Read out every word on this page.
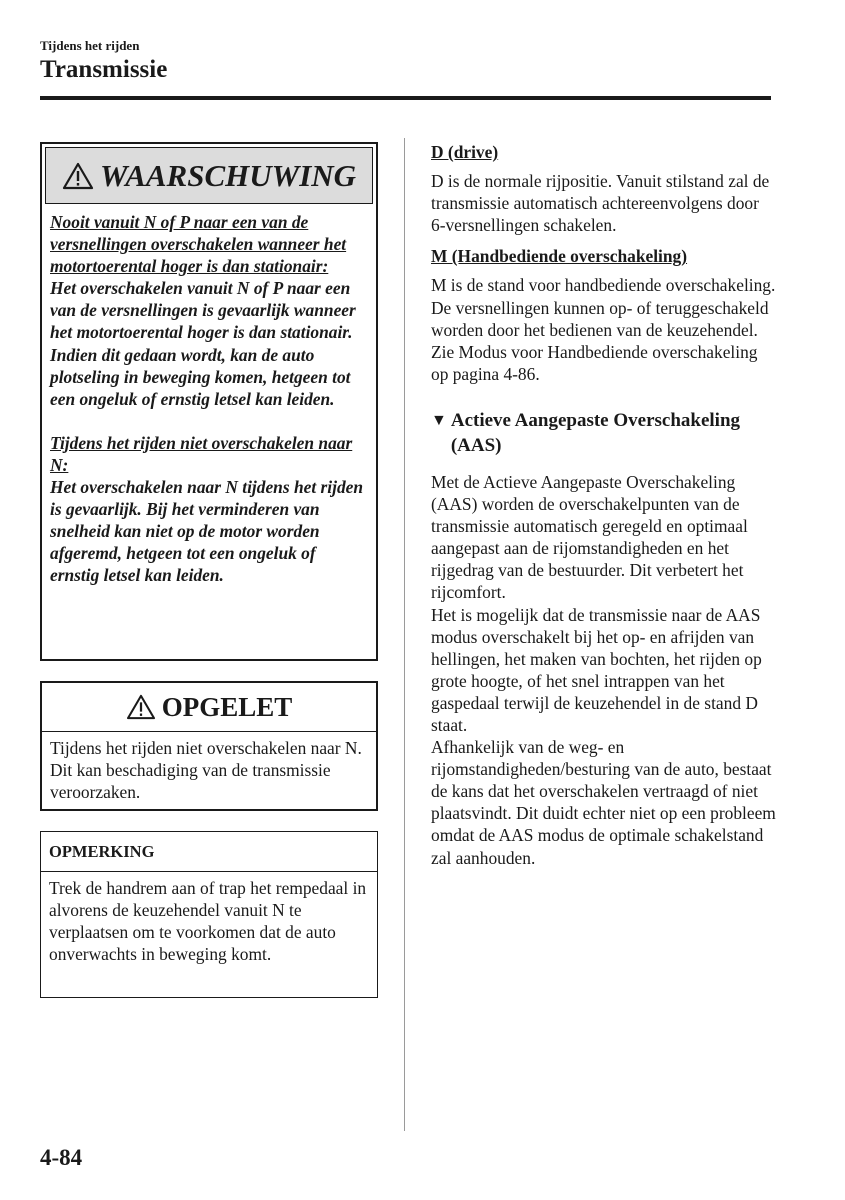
Tijdens het rijden
Transmissie
WAARSCHUWING

Nooit vanuit N of P naar een van de versnellingen overschakelen wanneer het motortoerental hoger is dan stationair:

Het overschakelen vanuit N of P naar een van de versnellingen is gevaarlijk wanneer het motortoerental hoger is dan stationair. Indien dit gedaan wordt, kan de auto plotseling in beweging komen, hetgeen tot een ongeluk of ernstig letsel kan leiden.

Tijdens het rijden niet overschakelen naar N:

Het overschakelen naar N tijdens het rijden is gevaarlijk. Bij het verminderen van snelheid kan niet op de motor worden afgeremd, hetgeen tot een ongeluk of ernstig letsel kan leiden.

OPGELET
Tijdens het rijden niet overschakelen naar N. Dit kan beschadiging van de transmissie veroorzaken.
OPMERKING
Trek de handrem aan of trap het rempedaal in alvorens de keuzehendel vanuit N te verplaatsen om te voorkomen dat de auto onverwachts in beweging komt.

D (drive)

D is de normale rijpositie. Vanuit stilstand zal de transmissie automatisch achtereenvolgens door 6-versnellingen schakelen.

M (Handbediende overschakeling)

M is de stand voor handbediende overschakeling. De versnellingen kunnen op- of teruggeschakeld worden door het bedienen van de keuzehendel.

Zie Modus voor Handbediende overschakeling op pagina 4-86.

▼ Actieve Aangepaste Overschakeling (AAS)

Met de Actieve Aangepaste Overschakeling (AAS) worden de overschakelpunten van de transmissie automatisch geregeld en optimaal aangepast aan de rijomstandigheden en het rijgedrag van de bestuurder. Dit verbetert het rijcomfort.

Het is mogelijk dat de transmissie naar de AAS modus overschakelt bij het op- en afrijden van hellingen, het maken van bochten, het rijden op grote hoogte, of het snel intrappen van het gaspedaal terwijl de keuzehendel in de stand D staat.

Afhankelijk van de weg- en rijomstandigheden/besturing van de auto, bestaat de kans dat het overschakelen vertraagd of niet plaatsvindt. Dit duidt echter niet op een probleem omdat de AAS modus de optimale schakelstand zal aanhouden.

4-84
